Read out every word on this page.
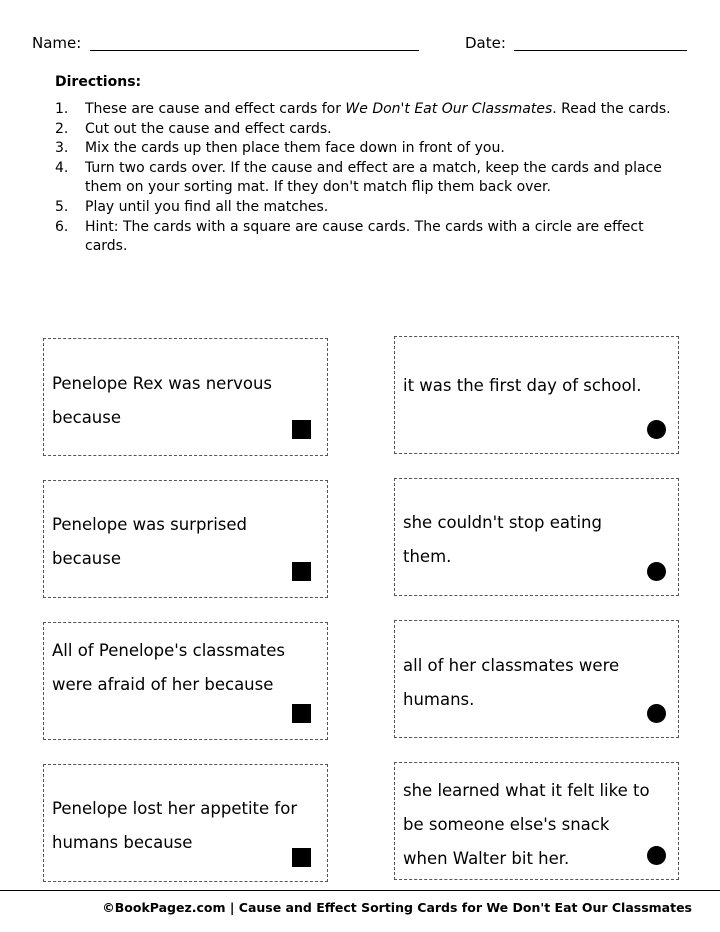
Name:	Date:
Directions:
1. These are cause and effect cards for We Don't Eat Our Classmates. Read the cards.
2. Cut out the cause and effect cards.
3. Mix the cards up then place them face down in front of you.
4. Turn two cards over. If the cause and effect are a match, keep the cards and place them on your sorting mat. If they don't match flip them back over.
5. Play until you find all the matches.
6. Hint: The cards with a square are cause cards. The cards with a circle are effect cards.
Penelope Rex was nervous because
it was the first day of school.
Penelope was surprised because
she couldn't stop eating them.
All of Penelope's classmates were afraid of her because
all of her classmates were humans.
Penelope lost her appetite for humans because
she learned what it felt like to be someone else's snack when Walter bit her.
©BookPagez.com | Cause and Effect Sorting Cards for We Don't Eat Our Classmates
